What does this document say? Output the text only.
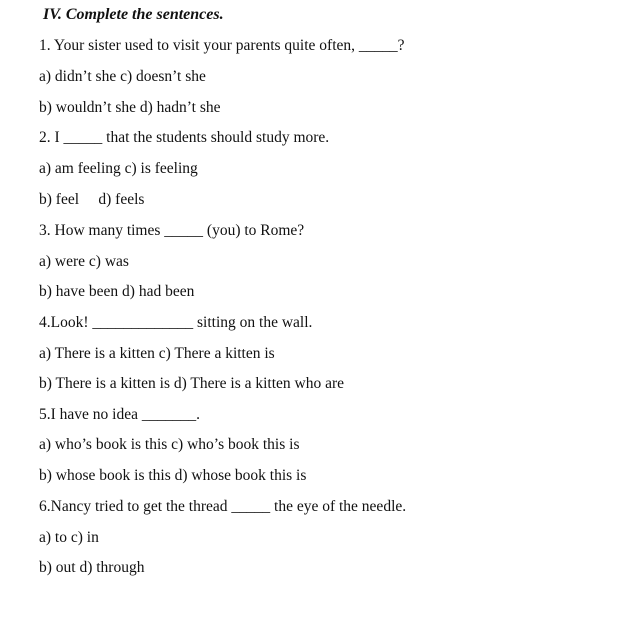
IV. Complete the sentences.
1. Your sister used to visit your parents quite often, _____?
a) didn’t she c) doesn’t she
b) wouldn’t she d) hadn’t she
2. I _____ that the students should study more.
a) am feeling c) is feeling
b) feel     d) feels
3. How many times _____ (you) to Rome?
a) were c) was
b) have been d) had been
4.Look! _____________ sitting on the wall.
a) There is a kitten c) There a kitten is
b) There is a kitten is d) There is a kitten who are
5.I have no idea _______.
a) who’s book is this c) who’s book this is
b) whose book is this d) whose book this is
6.Nancy tried to get the thread _____ the eye of the needle.
a) to c) in
b) out d) through
